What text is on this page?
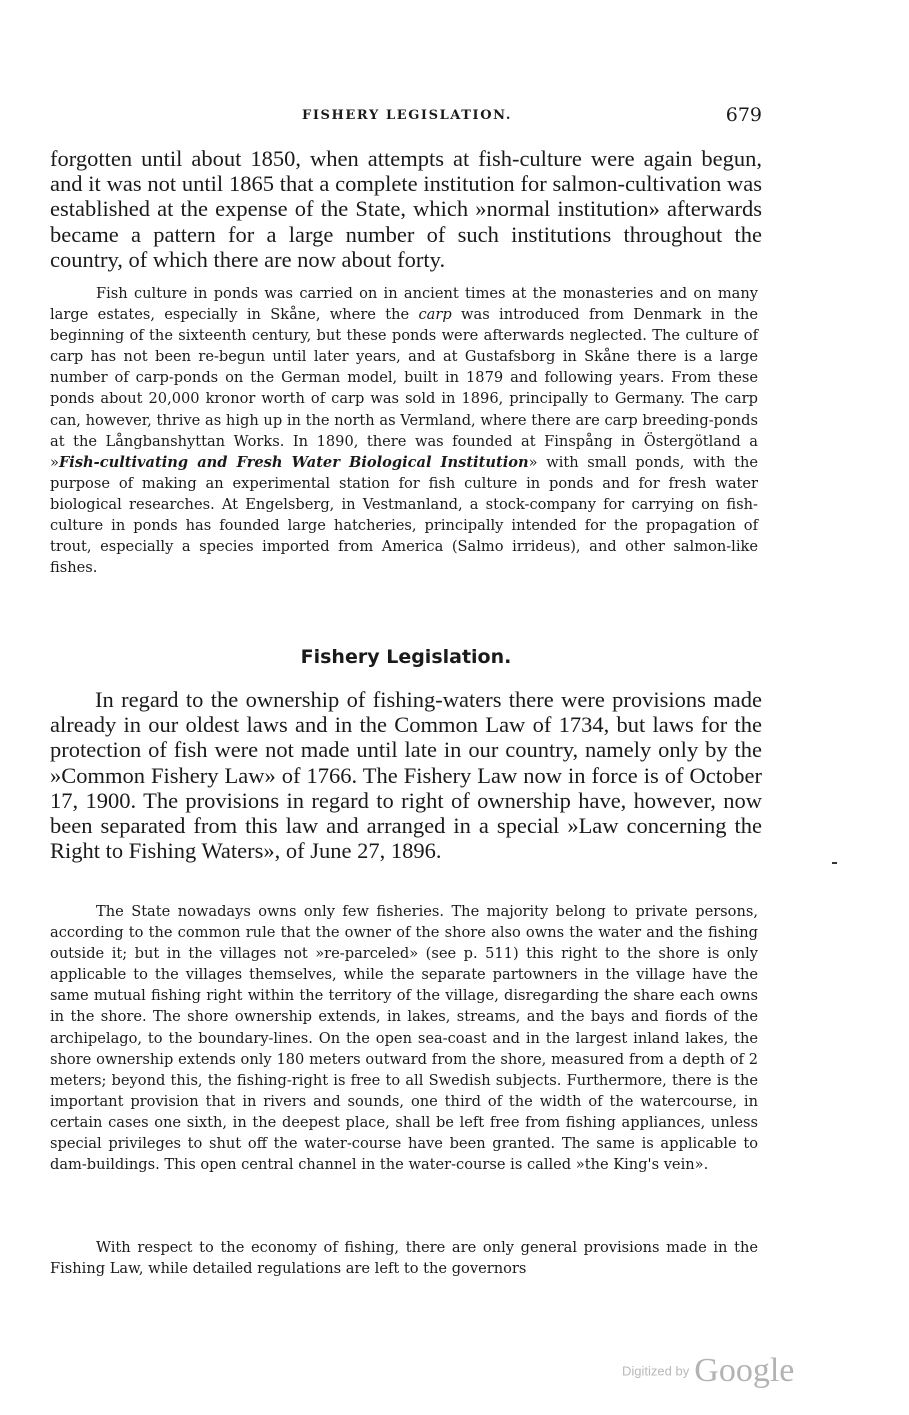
FISHERY LEGISLATION.	679

forgotten until about 1850, when attempts at fish-culture were again begun, and it was not until 1865 that a complete institution for salmon-cultivation was established at the expense of the State, which »normal institution» afterwards became a pattern for a large number of such institutions throughout the country, of which there are now about forty.

Fish culture in ponds was carried on in ancient times at the monasteries and on many large estates, especially in Skåne, where the carp was introduced from Denmark in the beginning of the sixteenth century, but these ponds were afterwards neglected. The culture of carp has not been re-begun until later years, and at Gustafsborg in Skåne there is a large number of carp-ponds on the German model, built in 1879 and following years. From these ponds about 20,000 kronor worth of carp was sold in 1896, principally to Germany. The carp can, however, thrive as high up in the north as Vermland, where there are carp breeding-ponds at the Långbanshyttan Works. In 1890, there was founded at Finspång in Östergötland a »Fish-cultivating and Fresh Water Biological Institution» with small ponds, with the purpose of making an experimental station for fish culture in ponds and for fresh water biological researches. At Engelsberg, in Vestmanland, a stock-company for carrying on fish-culture in ponds has founded large hatcheries, principally intended for the propagation of trout, especially a species imported from America (Salmo irrideus), and other salmon-like fishes.

Fishery Legislation.

In regard to the ownership of fishing-waters there were provisions made already in our oldest laws and in the Common Law of 1734, but laws for the protection of fish were not made until late in our country, namely only by the »Common Fishery Law» of 1766. The Fishery Law now in force is of October 17, 1900. The provisions in regard to right of ownership have, however, now been separated from this law and arranged in a special »Law concerning the Right to Fishing Waters», of June 27, 1896.

The State nowadays owns only few fisheries. The majority belong to private persons, according to the common rule that the owner of the shore also owns the water and the fishing outside it; but in the villages not »re-parceled» (see p. 511) this right to the shore is only applicable to the villages themselves, while the separate partowners in the village have the same mutual fishing right within the territory of the village, disregarding the share each owns in the shore. The shore ownership extends, in lakes, streams, and the bays and fiords of the archipelago, to the boundary-lines. On the open sea-coast and in the largest inland lakes, the shore ownership extends only 180 meters outward from the shore, measured from a depth of 2 meters; beyond this, the fishing-right is free to all Swedish subjects. Furthermore, there is the important provision that in rivers and sounds, one third of the width of the watercourse, in certain cases one sixth, in the deepest place, shall be left free from fishing appliances, unless special privileges to shut off the water-course have been granted. The same is applicable to dam-buildings. This open central channel in the water-course is called »the King's vein».

With respect to the economy of fishing, there are only general provisions made in the Fishing Law, while detailed regulations are left to the governors

Digitized by Google
